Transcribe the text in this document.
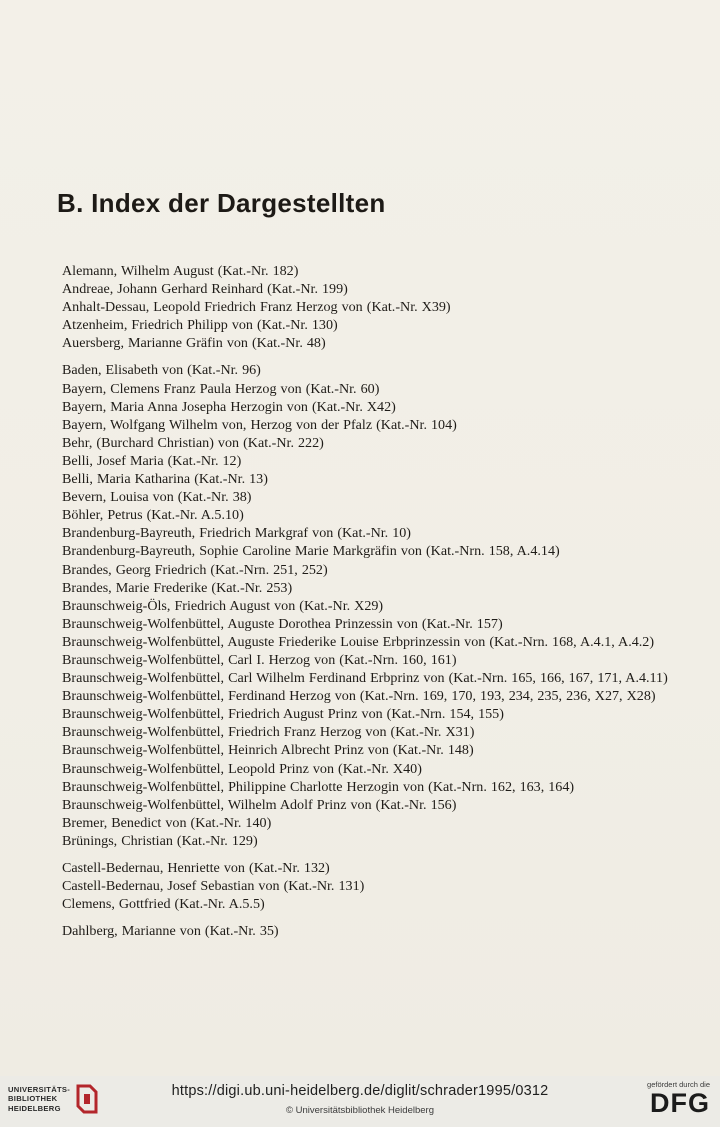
B. Index der Dargestellten
Alemann, Wilhelm August (Kat.-Nr. 182)
Andreae, Johann Gerhard Reinhard (Kat.-Nr. 199)
Anhalt-Dessau, Leopold Friedrich Franz Herzog von (Kat.-Nr. X39)
Atzenheim, Friedrich Philipp von (Kat.-Nr. 130)
Auersberg, Marianne Gräfin von (Kat.-Nr. 48)
Baden, Elisabeth von (Kat.-Nr. 96)
Bayern, Clemens Franz Paula Herzog von (Kat.-Nr. 60)
Bayern, Maria Anna Josepha Herzogin von (Kat.-Nr. X42)
Bayern, Wolfgang Wilhelm von, Herzog von der Pfalz (Kat.-Nr. 104)
Behr, (Burchard Christian) von (Kat.-Nr. 222)
Belli, Josef Maria (Kat.-Nr. 12)
Belli, Maria Katharina (Kat.-Nr. 13)
Bevern, Louisa von (Kat.-Nr. 38)
Böhler, Petrus (Kat.-Nr. A.5.10)
Brandenburg-Bayreuth, Friedrich Markgraf von (Kat.-Nr. 10)
Brandenburg-Bayreuth, Sophie Caroline Marie Markgräfin von (Kat.-Nrn. 158, A.4.14)
Brandes, Georg Friedrich (Kat.-Nrn. 251, 252)
Brandes, Marie Frederike (Kat.-Nr. 253)
Braunschweig-Öls, Friedrich August von (Kat.-Nr. X29)
Braunschweig-Wolfenbüttel, Auguste Dorothea Prinzessin von (Kat.-Nr. 157)
Braunschweig-Wolfenbüttel, Auguste Friederike Louise Erbprinzessin von (Kat.-Nrn. 168, A.4.1, A.4.2)
Braunschweig-Wolfenbüttel, Carl I. Herzog von (Kat.-Nrn. 160, 161)
Braunschweig-Wolfenbüttel, Carl Wilhelm Ferdinand Erbprinz von (Kat.-Nrn. 165, 166, 167, 171, A.4.11)
Braunschweig-Wolfenbüttel, Ferdinand Herzog von (Kat.-Nrn. 169, 170, 193, 234, 235, 236, X27, X28)
Braunschweig-Wolfenbüttel, Friedrich August Prinz von (Kat.-Nrn. 154, 155)
Braunschweig-Wolfenbüttel, Friedrich Franz Herzog von (Kat.-Nr. X31)
Braunschweig-Wolfenbüttel, Heinrich Albrecht Prinz von (Kat.-Nr. 148)
Braunschweig-Wolfenbüttel, Leopold Prinz von (Kat.-Nr. X40)
Braunschweig-Wolfenbüttel, Philippine Charlotte Herzogin von (Kat.-Nrn. 162, 163, 164)
Braunschweig-Wolfenbüttel, Wilhelm Adolf Prinz von (Kat.-Nr. 156)
Bremer, Benedict von (Kat.-Nr. 140)
Brünings, Christian (Kat.-Nr. 129)
Castell-Bedernau, Henriette von (Kat.-Nr. 132)
Castell-Bedernau, Josef Sebastian von (Kat.-Nr. 131)
Clemens, Gottfried (Kat.-Nr. A.5.5)
Dahlberg, Marianne von (Kat.-Nr. 35)
UNIVERSITÄTS-
BIBLIOTHEK
HEIDELBERG
https://digi.ub.uni-heidelberg.de/diglit/schrader1995/0312
© Universitätsbibliothek Heidelberg
gefördert durch die
DFG
